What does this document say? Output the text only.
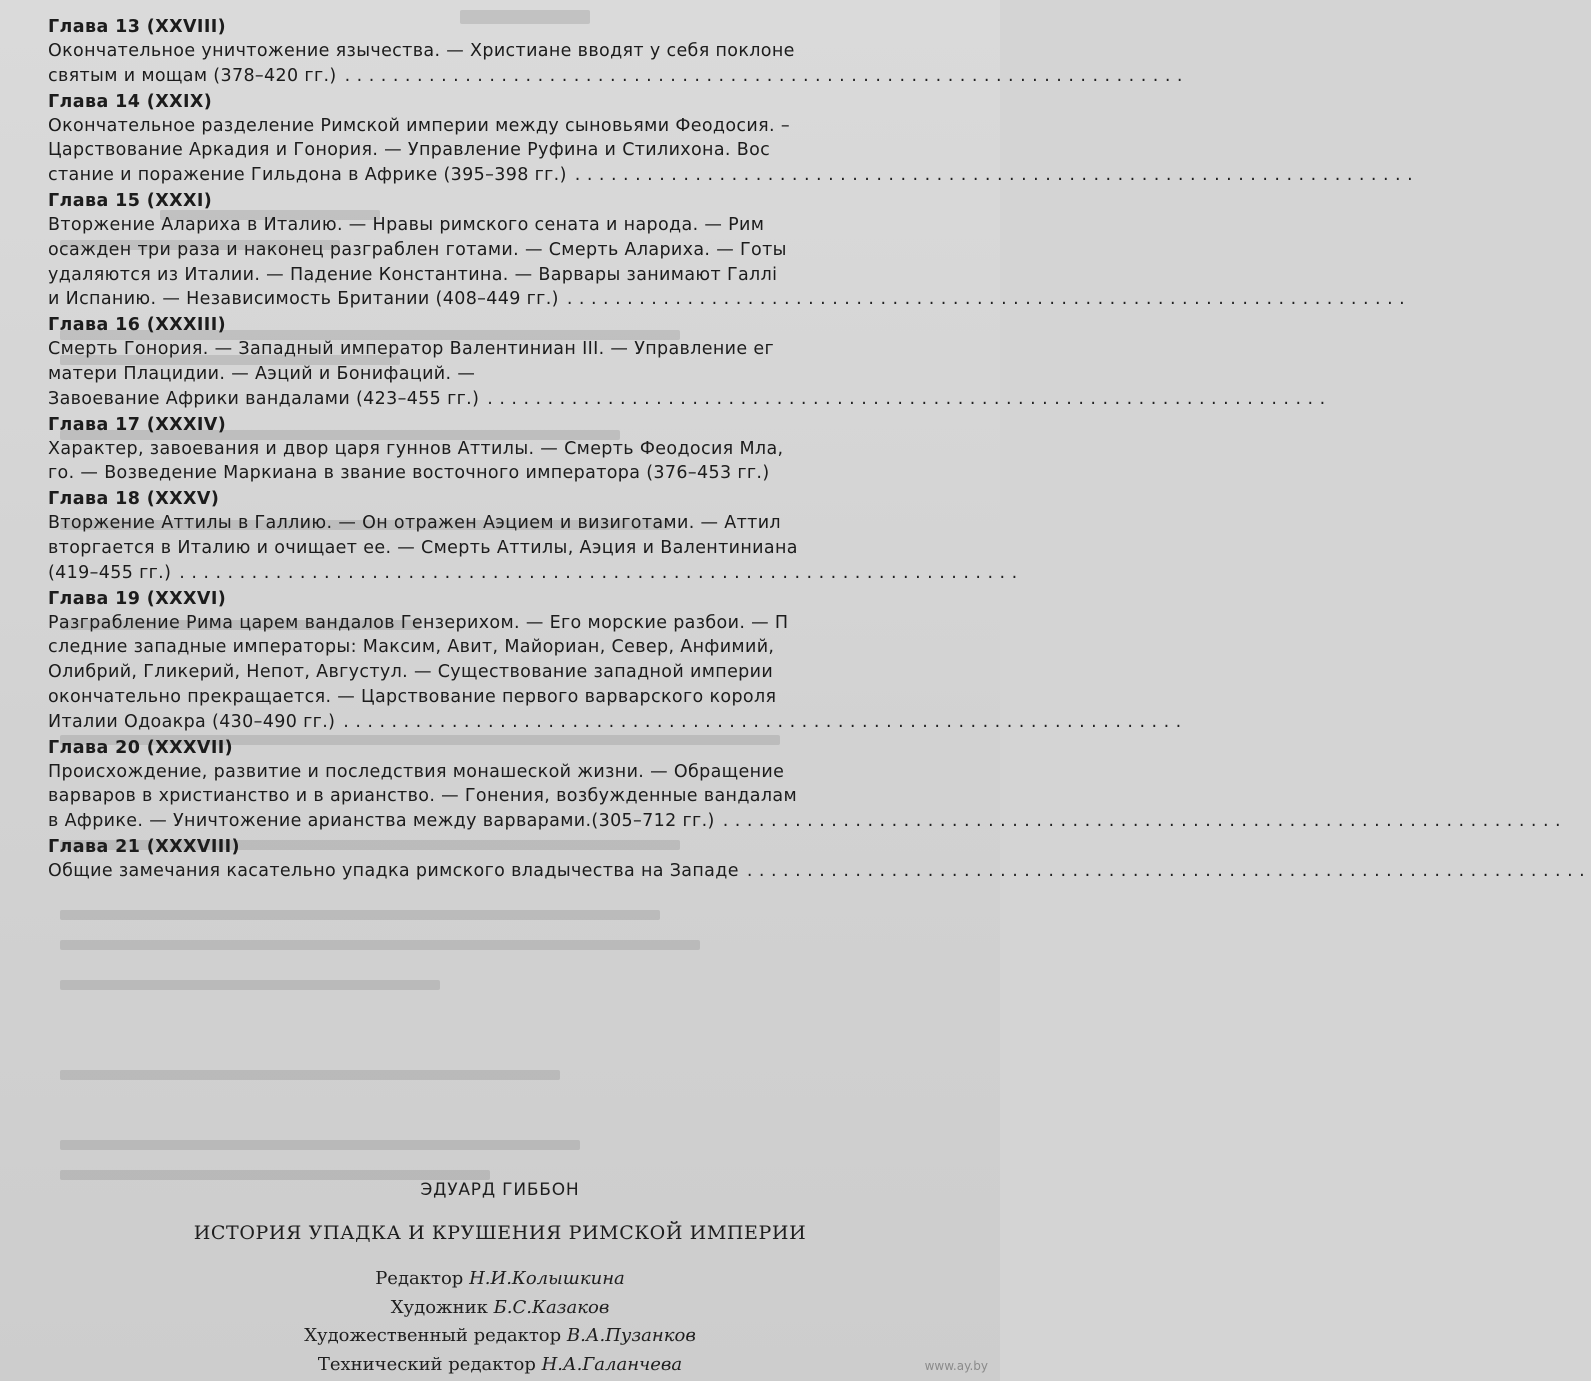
Глава 13 (XXVIII)
Окончательное уничтожение язычества. — Христиане вводят у себя поклоне
святым и мощам (378–420 гг.) ......................................................................
Глава 14 (XXIX)
Окончательное разделение Римской империи между сыновьями Феодосия. –
Царствование Аркадия и Гонория. — Управление Руфина и Стилихона. Вос
стание и поражение Гильдона в Африке (395–398 гг.) ......................................................................
Глава 15 (XXXI)
Вторжение Алариха в Италию. — Нравы римского сената и народа. — Рим
осажден три раза и наконец разграблен готами. — Смерть Алариха. — Готы
удаляются из Италии. — Падение Константина. — Варвары занимают Галлі
и Испанию. — Независимость Британии (408–449 гг.) ......................................................................
Глава 16 (XXXIII)
Смерть Гонория. — Западный император Валентиниан III. — Управление ег
матери Плацидии. — Аэций и Бонифаций. —
Завоевание Африки вандалами (423–455 гг.) ......................................................................
Глава 17 (XXXIV)
Характер, завоевания и двор царя гуннов Аттилы. — Смерть Феодосия Мла,
го. — Возведение Маркиана в звание восточного императора (376–453 гг.)
Глава 18 (XXXV)
Вторжение Аттилы в Галлию. — Он отражен Аэцием и визиготами. — Аттил
вторгается в Италию и очищает ее. — Смерть Аттилы, Аэция и Валентиниана
(419–455 гг.) ......................................................................
Глава 19 (XXXVI)
Разграбление Рима царем вандалов Гензерихом. — Его морские разбои. — П
следние западные императоры: Максим, Авит, Майориан, Север, Анфимий,
Олибрий, Гликерий, Непот, Августул. — Существование западной империи
окончательно прекращается. — Царствование первого варварского короля
Италии Одоакра (430–490 гг.) ......................................................................
Глава 20 (XXXVII)
Происхождение, развитие и последствия монашеской жизни. — Обращение
варваров в христианство и в арианство. — Гонения, возбужденные вандалам
в Африке. — Уничтожение арианства между варварами.(305–712 гг.) ......................................................................
Глава 21 (XXXVIII)
Общие замечания касательно упадка римского владычества на Западе ......................................................................
ЭДУАРД ГИББОН
ИСТОРИЯ УПАДКА И КРУШЕНИЯ РИМСКОЙ ИМПЕРИИ
Редактор Н.И.Колышкина
Художник Б.С.Казаков
Художественный редактор В.А.Пузанков
Технический редактор Н.А.Галанчева	www.ay.by
